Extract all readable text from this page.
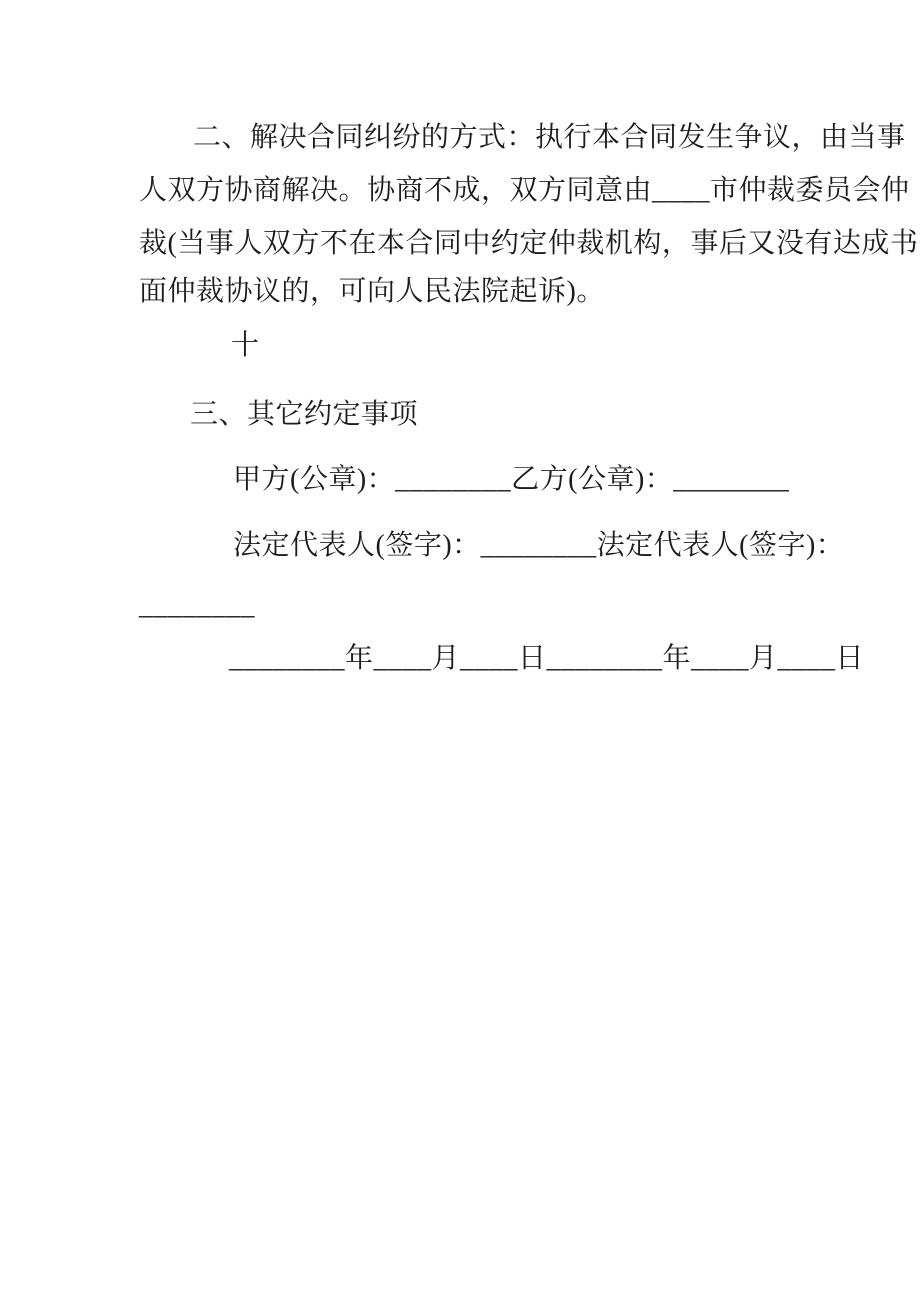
二、解决合同纠纷的方式：执行本合同发生争议，由当事
人双方协商解决。协商不成，双方同意由____市仲裁委员会仲
裁(当事人双方不在本合同中约定仲裁机构，事后又没有达成书
面仲裁协议的，可向人民法院起诉)。
十
三、其它约定事项
甲方(公章)：________乙方(公章)：________
法定代表人(签字)：________法定代表人(签字)：
________
________年____月____日________年____月____日
